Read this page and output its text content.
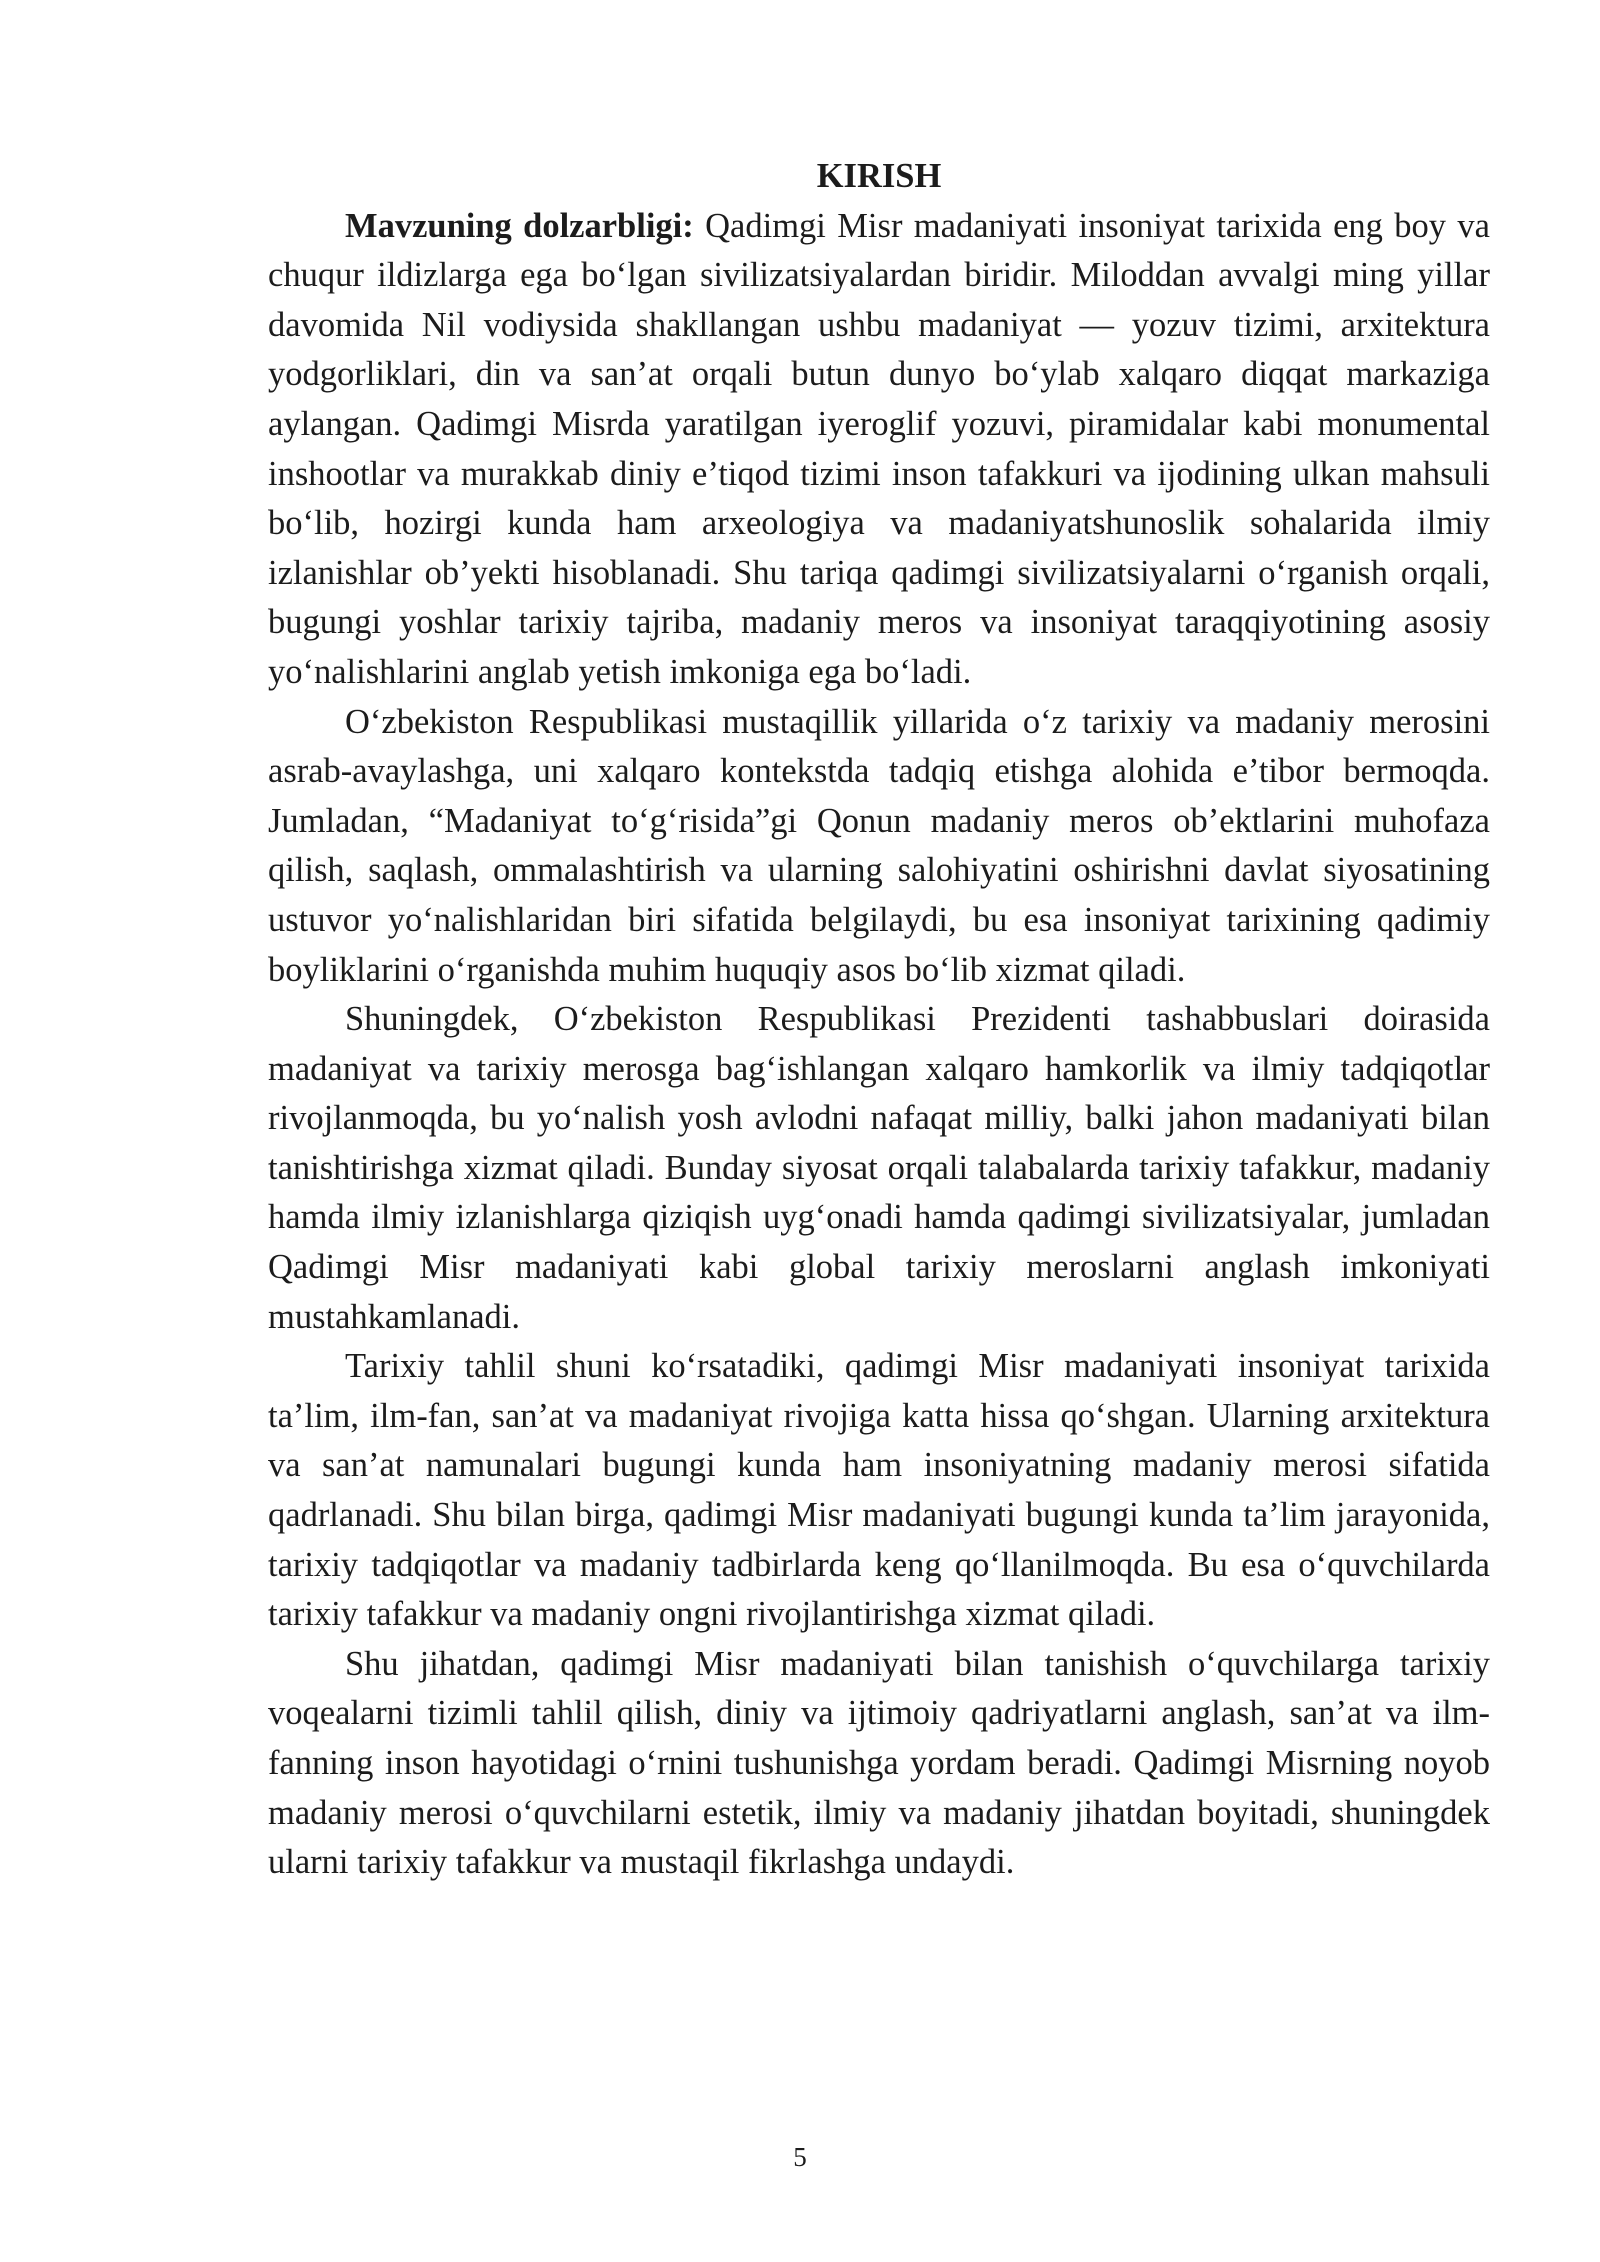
KIRISH

Mavzuning dolzarbligi: Qadimgi Misr madaniyati insoniyat tarixida eng boy va chuqur ildizlarga ega bo‘lgan sivilizatsiyalardan biridir. Miloddan avvalgi ming yillar davomida Nil vodiysida shakllangan ushbu madaniyat — yozuv tizimi, arxitektura yodgorliklari, din va san’at orqali butun dunyo bo‘ylab xalqaro diqqat markaziga aylangan. Qadimgi Misrda yaratilgan iyeroglif yozuvi, piramidalar kabi monumental inshootlar va murakkab diniy e’tiqod tizimi inson tafakkuri va ijodining ulkan mahsuli bo‘lib, hozirgi kunda ham arxeologiya va madaniyatshunoslik sohalarida ilmiy izlanishlar ob’yekti hisoblanadi. Shu tariqa qadimgi sivilizatsiyalarni o‘rganish orqali, bugungi yoshlar tarixiy tajriba, madaniy meros va insoniyat taraqqiyotining asosiy yo‘nalishlarini anglab yetish imkoniga ega bo‘ladi.

O‘zbekiston Respublikasi mustaqillik yillarida o‘z tarixiy va madaniy merosini asrab-avaylashga, uni xalqaro kontekstda tadqiq etishga alohida e’tibor bermoqda. Jumladan, “Madaniyat to‘g‘risida”gi Qonun madaniy meros ob’ektlarini muhofaza qilish, saqlash, ommalashtirish va ularning salohiyatini oshirishni davlat siyosatining ustuvor yo‘nalishlaridan biri sifatida belgilaydi, bu esa insoniyat tarixining qadimiy boyliklarini o‘rganishda muhim huquqiy asos bo‘lib xizmat qiladi.

Shuningdek, O‘zbekiston Respublikasi Prezidenti tashabbuslari doirasida madaniyat va tarixiy merosga bag‘ishlangan xalqaro hamkorlik va ilmiy tadqiqotlar rivojlanmoqda, bu yo‘nalish yosh avlodni nafaqat milliy, balki jahon madaniyati bilan tanishtirishga xizmat qiladi. Bunday siyosat orqali talabalarda tarixiy tafakkur, madaniy hamda ilmiy izlanishlarga qiziqish uyg‘onadi hamda qadimgi sivilizatsiyalar, jumladan Qadimgi Misr madaniyati kabi global tarixiy meroslarni anglash imkoniyati mustahkamlanadi.

Tarixiy tahlil shuni ko‘rsatadiki, qadimgi Misr madaniyati insoniyat tarixida ta’lim, ilm-fan, san’at va madaniyat rivojiga katta hissa qo‘shgan. Ularning arxitektura va san’at namunalari bugungi kunda ham insoniyatning madaniy merosi sifatida qadrlanadi. Shu bilan birga, qadimgi Misr madaniyati bugungi kunda ta’lim jarayonida, tarixiy tadqiqotlar va madaniy tadbirlarda keng qo‘llanilmoqda. Bu esa o‘quvchilarda tarixiy tafakkur va madaniy ongni rivojlantirishga xizmat qiladi.

Shu jihatdan, qadimgi Misr madaniyati bilan tanishish o‘quvchilarga tarixiy voqealarni tizimli tahlil qilish, diniy va ijtimoiy qadriyatlarni anglash, san’at va ilm-fanning inson hayotidagi o‘rnini tushunishga yordam beradi. Qadimgi Misrning noyob madaniy merosi o‘quvchilarni estetik, ilmiy va madaniy jihatdan boyitadi, shuningdek ularni tarixiy tafakkur va mustaqil fikrlashga undaydi.

5
